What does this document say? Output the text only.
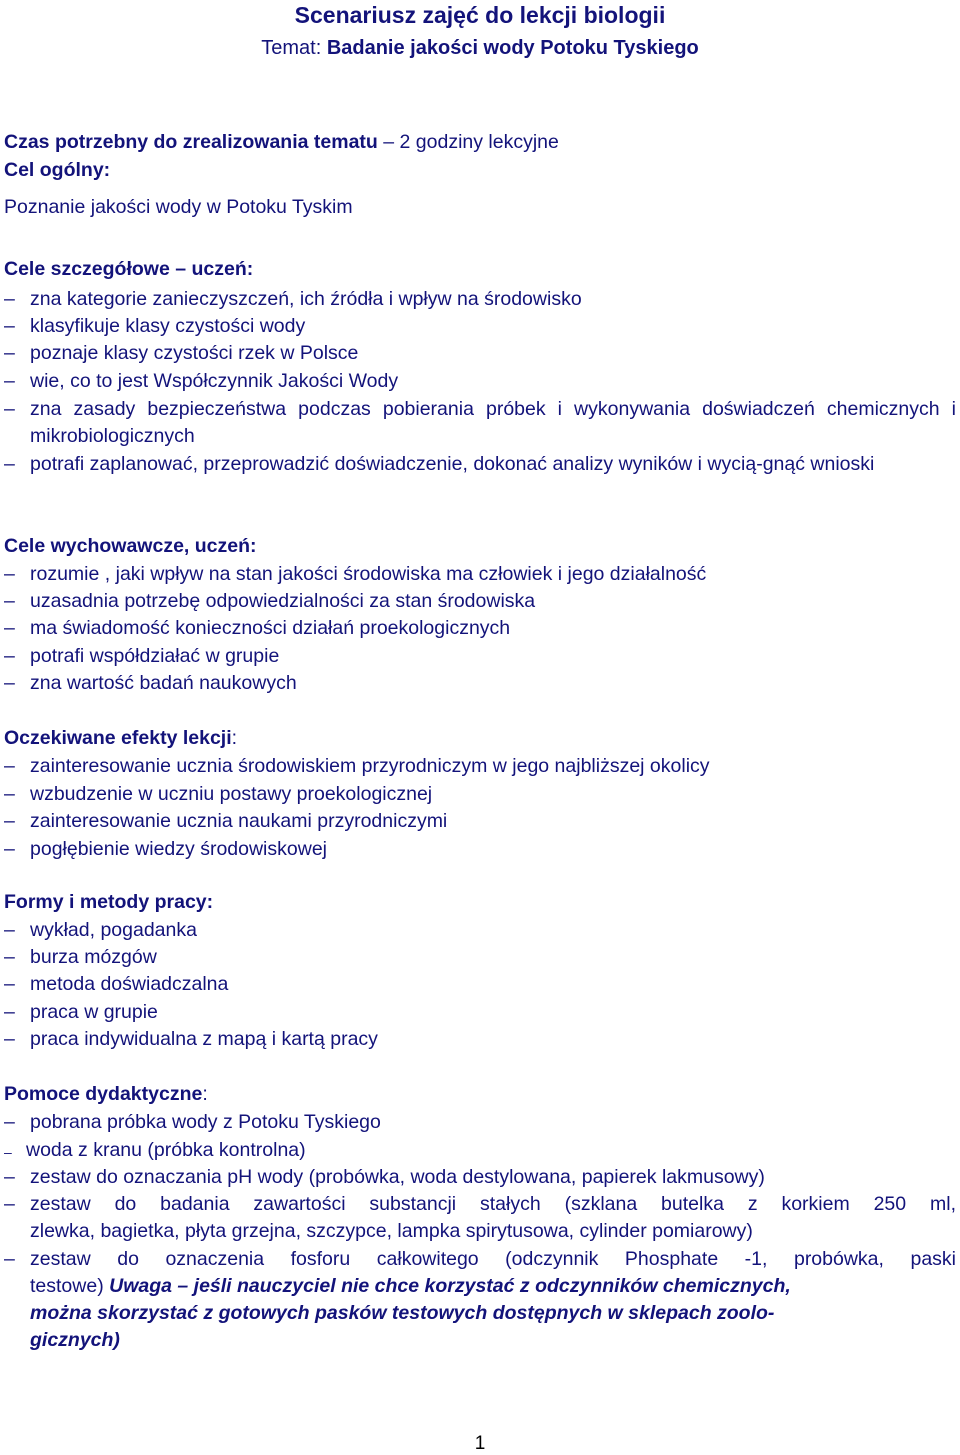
Scenariusz zajęć do lekcji biologii
Temat: Badanie jakości wody Potoku Tyskiego
Czas potrzebny do zrealizowania tematu – 2 godziny lekcyjne
Cel ogólny:
Poznanie jakości wody w Potoku Tyskim
Cele szczegółowe – uczeń:
– zna kategorie zanieczyszczeń, ich źródła i wpływ na środowisko
– klasyfikuje klasy czystości wody
– poznaje klasy czystości rzek w Polsce
– wie, co to jest Współczynnik Jakości Wody
– zna zasady bezpieczeństwa podczas pobierania próbek i wykonywania doświadczeń chemicznych i mikrobiologicznych
– potrafi zaplanować, przeprowadzić doświadczenie, dokonać analizy wyników i wycią-gnąć wnioski
Cele wychowawcze, uczeń:
– rozumie , jaki wpływ na stan jakości środowiska ma człowiek i jego działalność
– uzasadnia potrzebę odpowiedzialności za stan środowiska
– ma świadomość konieczności działań proekologicznych
– potrafi współdziałać w grupie
– zna wartość badań naukowych
Oczekiwane efekty lekcji:
– zainteresowanie ucznia środowiskiem przyrodniczym w jego najbliższej okolicy
– wzbudzenie w uczniu postawy proekologicznej
– zainteresowanie ucznia naukami przyrodniczymi
– pogłębienie wiedzy środowiskowej
Formy i metody pracy:
– wykład, pogadanka
– burza mózgów
– metoda doświadczalna
– praca w grupie
– praca indywidualna z mapą i kartą pracy
Pomoce dydaktyczne:
– pobrana próbka wody z Potoku Tyskiego
– woda z kranu (próbka kontrolna)
– zestaw do oznaczania pH wody (probówka, woda destylowana, papierek lakmusowy)
– zestaw do badania zawartości substancji stałych (szklana butelka z korkiem 250 ml,
zlewka, bagietka, płyta grzejna, szczypce, lampka spirytusowa, cylinder pomiarowy)
– zestaw do oznaczenia fosforu całkowitego (odczynnik Phosphate -1, probówka, paski
testowe) Uwaga – jeśli nauczyciel nie chce korzystać z odczynników chemicznych,
można skorzystać z gotowych pasków testowych dostępnych w sklepach zoolo-
gicznych)
1
